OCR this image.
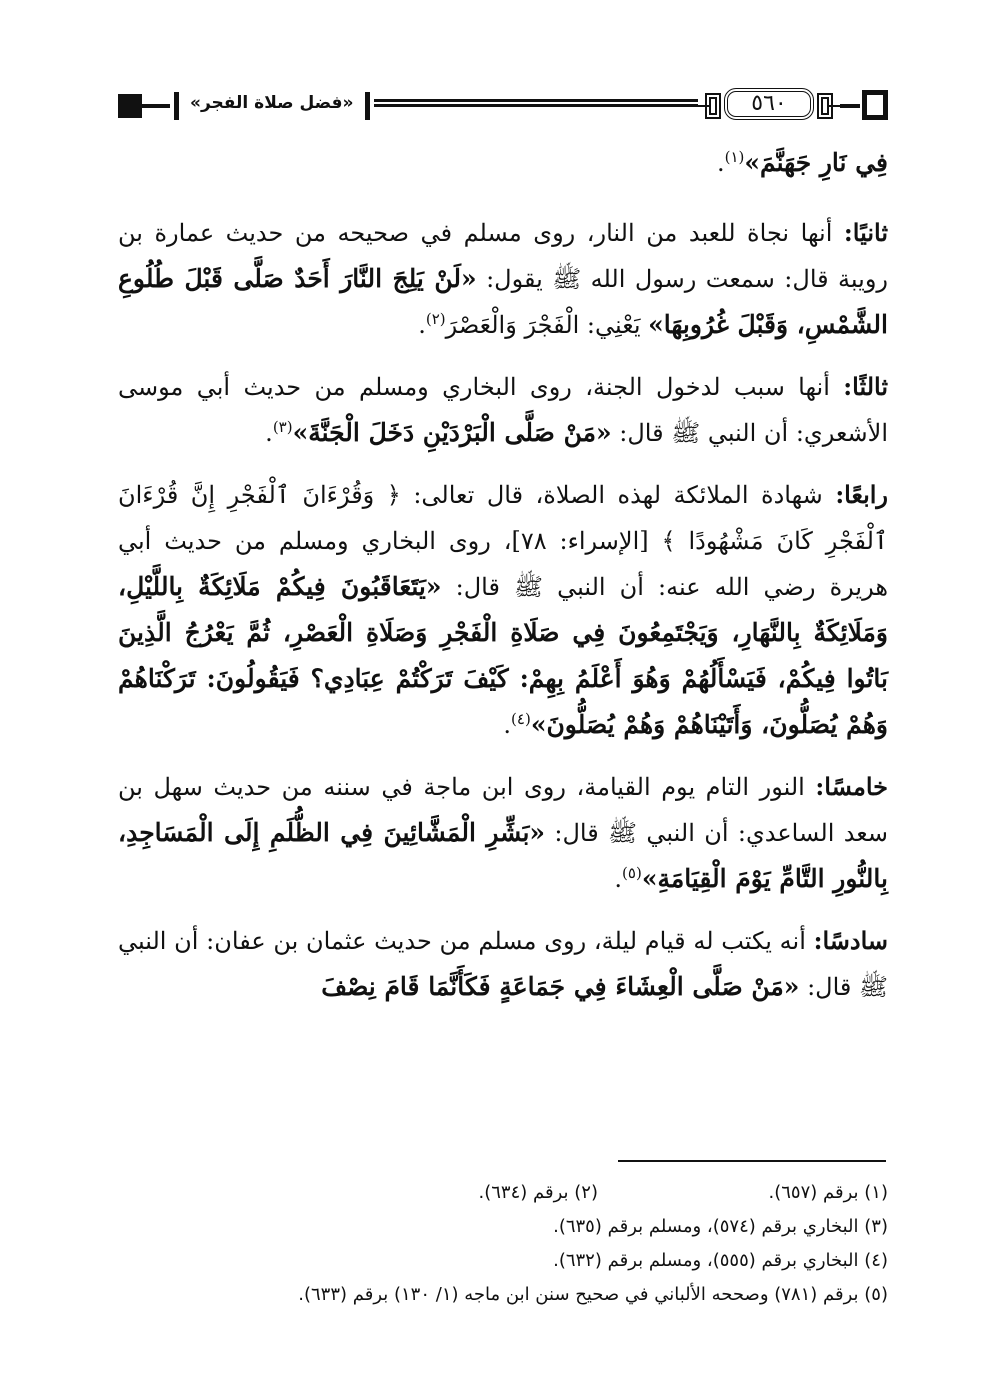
«فضل صلاة الفجر»	٥٦٠

فِي نَارِ جَهَنَّمَ»$^{(١)}$.

ثانيًا: أنها نجاة للعبد من النار، روى مسلم في صحيحه من حديث عمارة بن رويبة قال: سمعت رسول الله ﷺ يقول: «لَنْ يَلِجَ النَّارَ أَحَدٌ صَلَّى قَبْلَ طُلُوعِ الشَّمْسِ، وَقَبْلَ غُرُوبِهَا» يَعْنِي: الْفَجْرَ وَالْعَصْرَ$^{(٢)}$.

ثالثًا: أنها سبب لدخول الجنة، روى البخاري ومسلم من حديث أبي موسى الأشعري: أن النبي ﷺ قال: «مَنْ صَلَّى الْبَرْدَيْنِ دَخَلَ الْجَنَّةَ»$^{(٣)}$.

رابعًا: شهادة الملائكة لهذه الصلاة، قال تعالى: ﴿ وَقُرْءَانَ ٱلْفَجْرِ إِنَّ قُرْءَانَ ٱلْفَجْرِ كَانَ مَشْهُودًا ﴾ [الإسراء: ٧٨]، روى البخاري ومسلم من حديث أبي هريرة رضي الله عنه: أن النبي ﷺ قال: «يَتَعَاقَبُونَ فِيكُمْ مَلَائِكَةٌ بِاللَّيْلِ، وَمَلَائِكَةٌ بِالنَّهَارِ، وَيَجْتَمِعُونَ فِي صَلَاةِ الْفَجْرِ وَصَلَاةِ الْعَصْرِ، ثُمَّ يَعْرُجُ الَّذِينَ بَاتُوا فِيكُمْ، فَيَسْأَلُهُمْ وَهُوَ أَعْلَمُ بِهِمْ: كَيْفَ تَرَكْتُمْ عِبَادِي؟ فَيَقُولُونَ: تَرَكْنَاهُمْ وَهُمْ يُصَلُّونَ، وَأَتَيْنَاهُمْ وَهُمْ يُصَلُّونَ»$^{(٤)}$.

خامسًا: النور التام يوم القيامة، روى ابن ماجة في سننه من حديث سهل بن سعد الساعدي: أن النبي ﷺ قال: «بَشِّرِ الْمَشَّائِينَ فِي الظُّلَمِ إِلَى الْمَسَاجِدِ، بِالنُّورِ التَّامِّ يَوْمَ الْقِيَامَةِ»$^{(٥)}$.

سادسًا: أنه يكتب له قيام ليلة، روى مسلم من حديث عثمان بن عفان: أن النبي ﷺ قال: «مَنْ صَلَّى الْعِشَاءَ فِي جَمَاعَةٍ فَكَأَنَّمَا قَامَ نِصْفَ

(١) برقم (٦٥٧).
(٢) برقم (٦٣٤).
(٣) البخاري برقم (٥٧٤)، ومسلم برقم (٦٣٥).
(٤) البخاري برقم (٥٥٥)، ومسلم برقم (٦٣٢).
(٥) برقم (٧٨١) وصححه الألباني في صحيح سنن ابن ماجه (١/ ١٣٠) برقم (٦٣٣).
